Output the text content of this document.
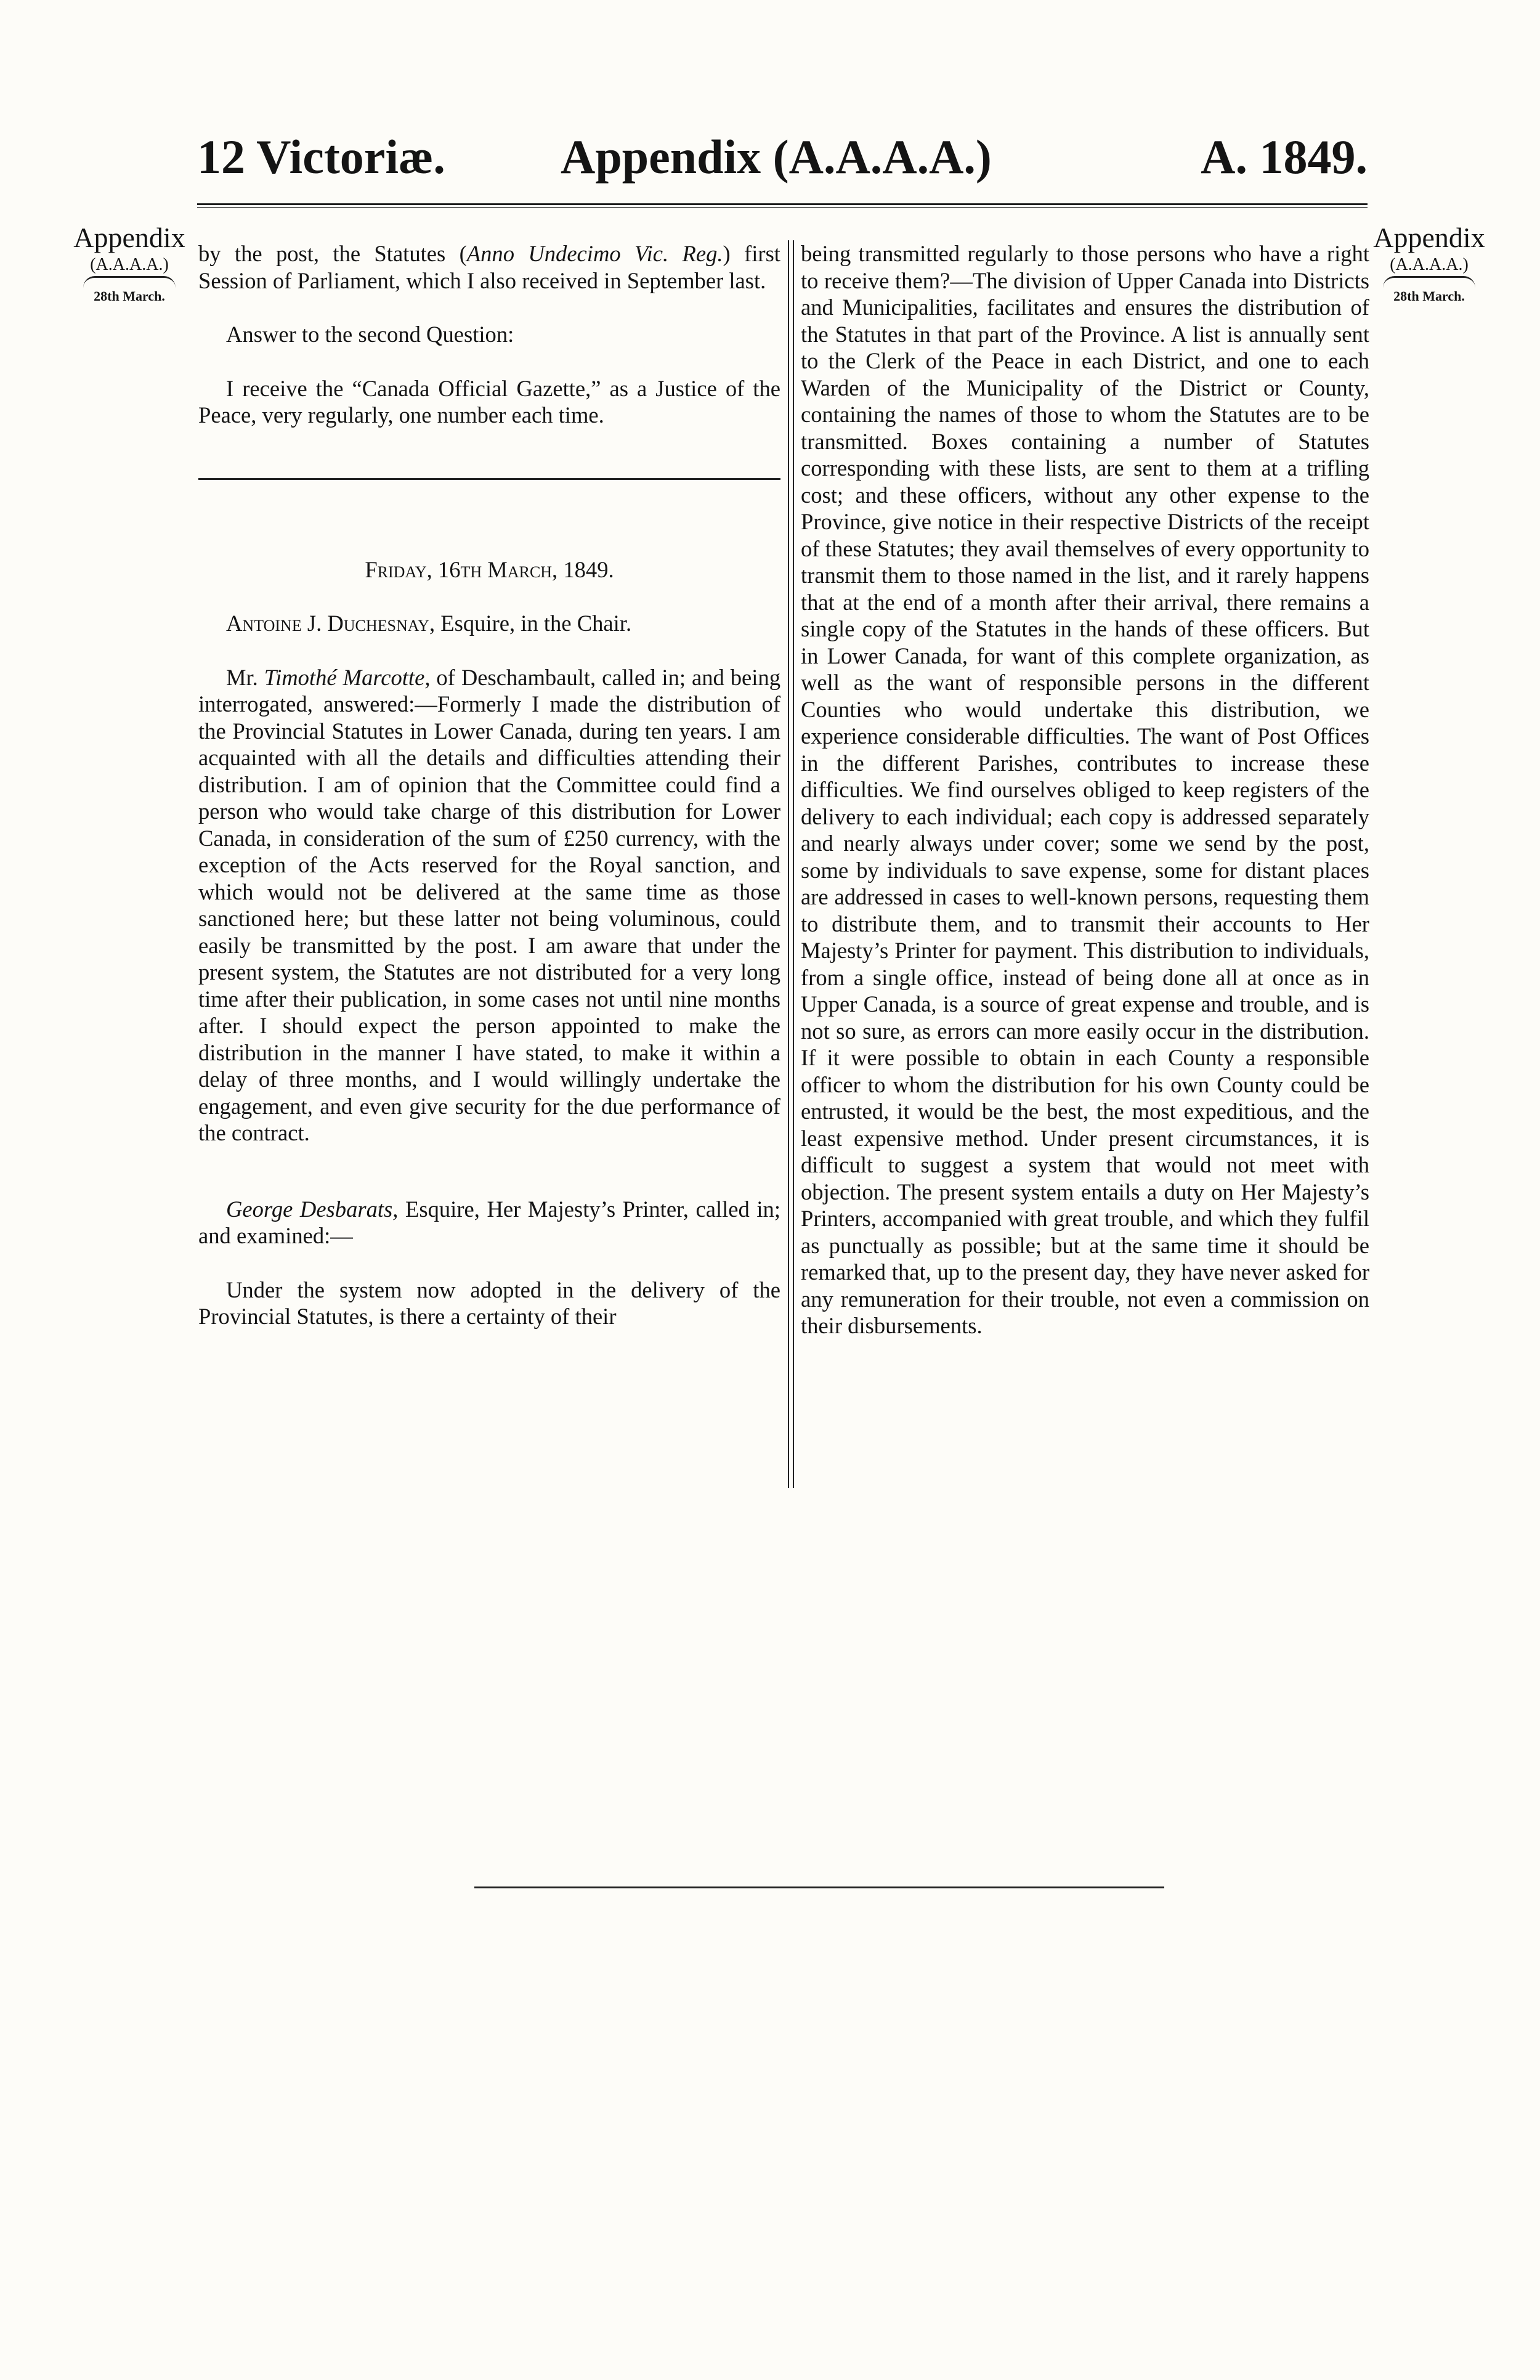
12 Victoriæ. Appendix (A.A.A.A.)	A. 1849.
Appendix
(A.A.A.A.)
28th March.
Appendix
(A.A.A.A.)
28th March.

by the post, the Statutes (Anno Undecimo Vic. Reg.) first Session of Parliament, which I also received in September last.

Answer to the second Question:

I receive the “Canada Official Gazette,” as a Justice of the Peace, very regularly, one number each time.

Friday, 16th March, 1849.

Antoine J. Duchesnay, Esquire, in the Chair.

Mr. Timothé Marcotte, of Deschambault, called in; and being interrogated, answered:—Formerly I made the distribution of the Provincial Statutes in Lower Canada, during ten years. I am acquainted with all the details and difficulties attending their distribution. I am of opinion that the Committee could find a person who would take charge of this distribution for Lower Canada, in consideration of the sum of £250 currency, with the exception of the Acts reserved for the Royal sanction, and which would not be delivered at the same time as those sanctioned here; but these latter not being voluminous, could easily be transmitted by the post. I am aware that under the present system, the Statutes are not distributed for a very long time after their publication, in some cases not until nine months after. I should expect the person appointed to make the distribution in the manner I have stated, to make it within a delay of three months, and I would willingly undertake the engagement, and even give security for the due performance of the contract.

George Desbarats, Esquire, Her Majesty’s Printer, called in; and examined:—

Under the system now adopted in the delivery of the Provincial Statutes, is there a certainty of their

being transmitted regularly to those persons who have a right to receive them?—The division of Upper Canada into Districts and Municipalities, facilitates and ensures the distribution of the Statutes in that part of the Province. A list is annually sent to the Clerk of the Peace in each District, and one to each Warden of the Municipality of the District or County, containing the names of those to whom the Statutes are to be transmitted. Boxes containing a number of Statutes corresponding with these lists, are sent to them at a trifling cost; and these officers, without any other expense to the Province, give notice in their respective Districts of the receipt of these Statutes; they avail themselves of every opportunity to transmit them to those named in the list, and it rarely happens that at the end of a month after their arrival, there remains a single copy of the Statutes in the hands of these officers. But in Lower Canada, for want of this complete organization, as well as the want of responsible persons in the different Counties who would undertake this distribution, we experience considerable difficulties. The want of Post Offices in the different Parishes, contributes to increase these difficulties. We find ourselves obliged to keep registers of the delivery to each individual; each copy is addressed separately and nearly always under cover; some we send by the post, some by individuals to save expense, some for distant places are addressed in cases to well-known persons, requesting them to distribute them, and to transmit their accounts to Her Majesty’s Printer for payment. This distribution to individuals, from a single office, instead of being done all at once as in Upper Canada, is a source of great expense and trouble, and is not so sure, as errors can more easily occur in the distribution. If it were possible to obtain in each County a responsible officer to whom the distribution for his own County could be entrusted, it would be the best, the most expeditious, and the least expensive method. Under present circumstances, it is difficult to suggest a system that would not meet with objection. The present system entails a duty on Her Majesty’s Printers, accompanied with great trouble, and which they fulfil as punctually as possible; but at the same time it should be remarked that, up to the present day, they have never asked for any remuneration for their trouble, not even a commission on their disbursements.
